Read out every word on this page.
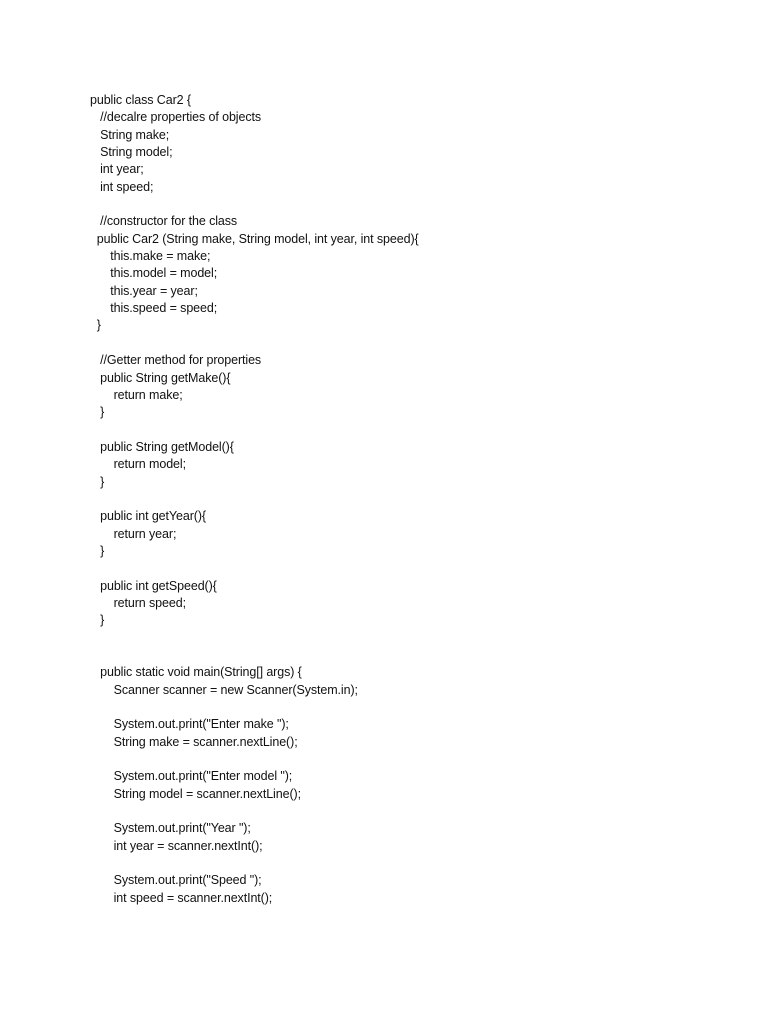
public class Car2 {
//decalre properties of objects
String make;
String model;
int year;
int speed;
//constructor for the class
public Car2 (String make, String model, int year, int speed){
this.make = make;
this.model = model;
this.year = year;
this.speed = speed;
}
//Getter method for properties
public String getMake(){
return make;
}
public String getModel(){
return model;
}
public int getYear(){
return year;
}
public int getSpeed(){
return speed;
}
public static void main(String[] args) {
Scanner scanner = new Scanner(System.in);
System.out.print("Enter make ");
String make = scanner.nextLine();
System.out.print("Enter model ");
String model = scanner.nextLine();
System.out.print("Year ");
int year = scanner.nextInt();
System.out.print("Speed ");
int speed = scanner.nextInt();
